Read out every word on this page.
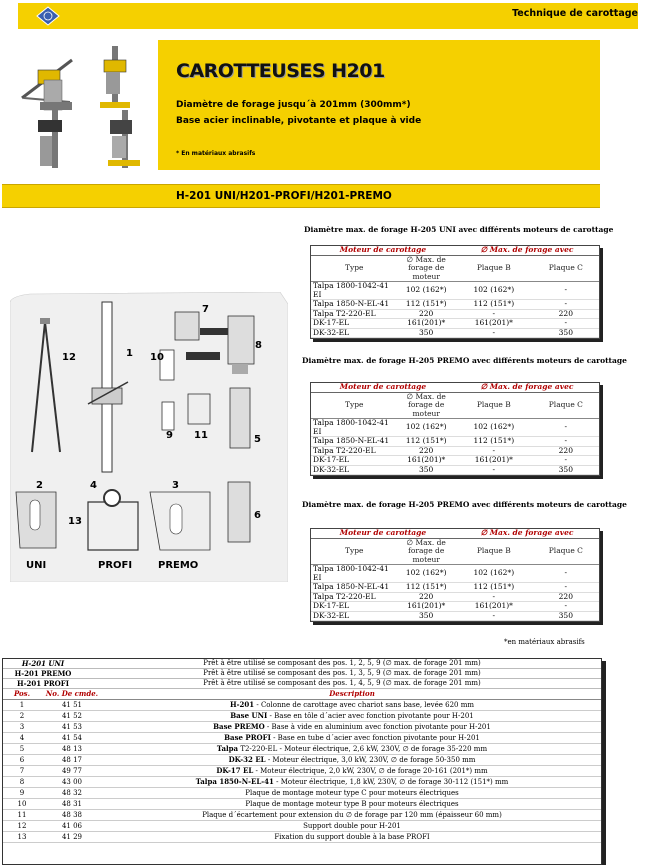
Technique de carottage
CAROTTEUSES H201
Diamètre de forage jusqu´à 201mm (300mm*)
Base acier inclinable, pivotante et plaque à vide
* En matériaux abrasifs
H-201 UNI/H201-PROFI/H201-PREMO
7
8
12	1 10
9 11	5
2	4	3
13
6
UNI	PROFI	PREMO
Diamètre max. de forage H-205 UNI avec différents moteurs de carottage
Moteur de carottage		∅ Max. de forage avec	
Type	∅ Max. de forage de moteur	Plaque B	Plaque C
Talpa 1800-1042-41 EI	102 (162*)	102 (162*)	-
Talpa 1850-N-EL-41	112 (151*)	112 (151*)	-
Talpa T2-220-EL	220	-	220
DK-17-EL	161(201)*	161(201)*	-
DK-32-EL	350	-	350
Diamètre max. de forage H-205 PREMO avec différents moteurs de carottage
Moteur de carottage		∅ Max. de forage avec	
Type	∅ Max. de forage de moteur	Plaque B	Plaque C
Talpa 1800-1042-41 EI	102 (162*)	102 (162*)	-
Talpa 1850-N-EL-41	112 (151*)	112 (151*)	-
Talpa T2-220-EL	220	-	220
DK-17-EL	161(201)*	161(201)*	-
DK-32-EL	350	-	350
Diamètre max. de forage H-205 PREMO avec différents moteurs de carottage
Moteur de carottage		∅ Max. de forage avec	
Type	∅ Max. de forage de moteur	Plaque B	Plaque C
Talpa 1800-1042-41 EI	102 (162*)	102 (162*)	-
Talpa 1850-N-EL-41	112 (151*)	112 (151*)	-
Talpa T2-220-EL	220	-	220
DK-17-EL	161(201)*	161(201)*	-
DK-32-EL	350	-	350
*en matériaux abrasifs
H-201 UNI	Prêt à être utilisé se composant des pos. 1, 2, 5, 9 (∅ max. de forage 201 mm)
H-201 PREMO	Prêt à être utilisé se composant des pos. 1, 3, 5, 9 (∅ max. de forage 201 mm)
H-201 PROFI	Prêt à être utilisé se composant des pos. 1, 4, 5, 9 (∅ max. de forage 201 mm)
Pos.	No. De cmde.	Description
1	41 51	H-201 - Colonne de carottage avec chariot sans base, levée 620 mm
2	41 52	Base UNI - Base en tôle d´acier avec fonction pivotante pour H-201
3	41 53	Base PREMO - Base à vide en aluminium avec fonction pivotante pour H-201
4	41 54	Base PROFI - Base en tube d´acier avec fonction pivotante pour H-201
5	48 13	Talpa T2-220-EL - Moteur électrique, 2,6 kW, 230V, ∅ de forage 35-220 mm
6	48 17	DK-32 EL - Moteur électrique, 3,0 kW, 230V, ∅ de forage 50-350 mm
7	49 77	DK-17 EL - Moteur électrique, 2,0 kW, 230V, ∅ de forage 20-161 (201*) mm
8	43 00	Talpa 1850-N-EL-41 - Moteur électrique, 1,8 kW, 230V, ∅ de forage 30-112 (151*) mm
9	48 32	Plaque de montage moteur type C pour moteurs électriques
10	48 31	Plaque de montage moteur type B pour moteurs électriques
11	48 38	Plaque d´écartement pour extension du ∅ de forage par 120 mm (épaisseur 60 mm)
12	41 06	Support double pour H-201
13	41 29	Fixation du support double à la base PROFI
